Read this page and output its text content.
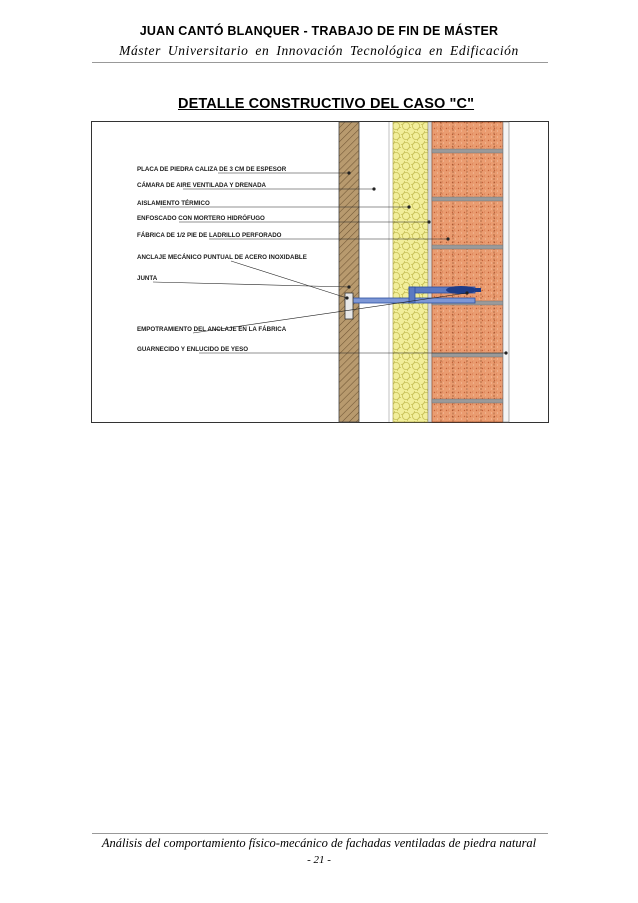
JUAN CANTÓ BLANQUER - TRABAJO DE FIN DE MÁSTER
Máster Universitario en Innovación Tecnológica en Edificación
DETALLE CONSTRUCTIVO DEL CASO "C"
PLACA DE PIEDRA CALIZA DE 3 CM DE ESPESOR
CÁMARA DE AIRE VENTILADA Y DRENADA
AISLAMIENTO TÉRMICO
ENFOSCADO CON MORTERO HIDRÓFUGO
FÁBRICA DE 1/2 PIE DE LADRILLO PERFORADO
ANCLAJE MECÁNICO PUNTUAL DE ACERO INOXIDABLE
JUNTA
EMPOTRAMIENTO DEL ANCLAJE EN LA FÁBRICA
GUARNECIDO Y ENLUCIDO DE YESO
Análisis del comportamiento físico-mecánico de fachadas ventiladas de piedra natural
- 21 -
